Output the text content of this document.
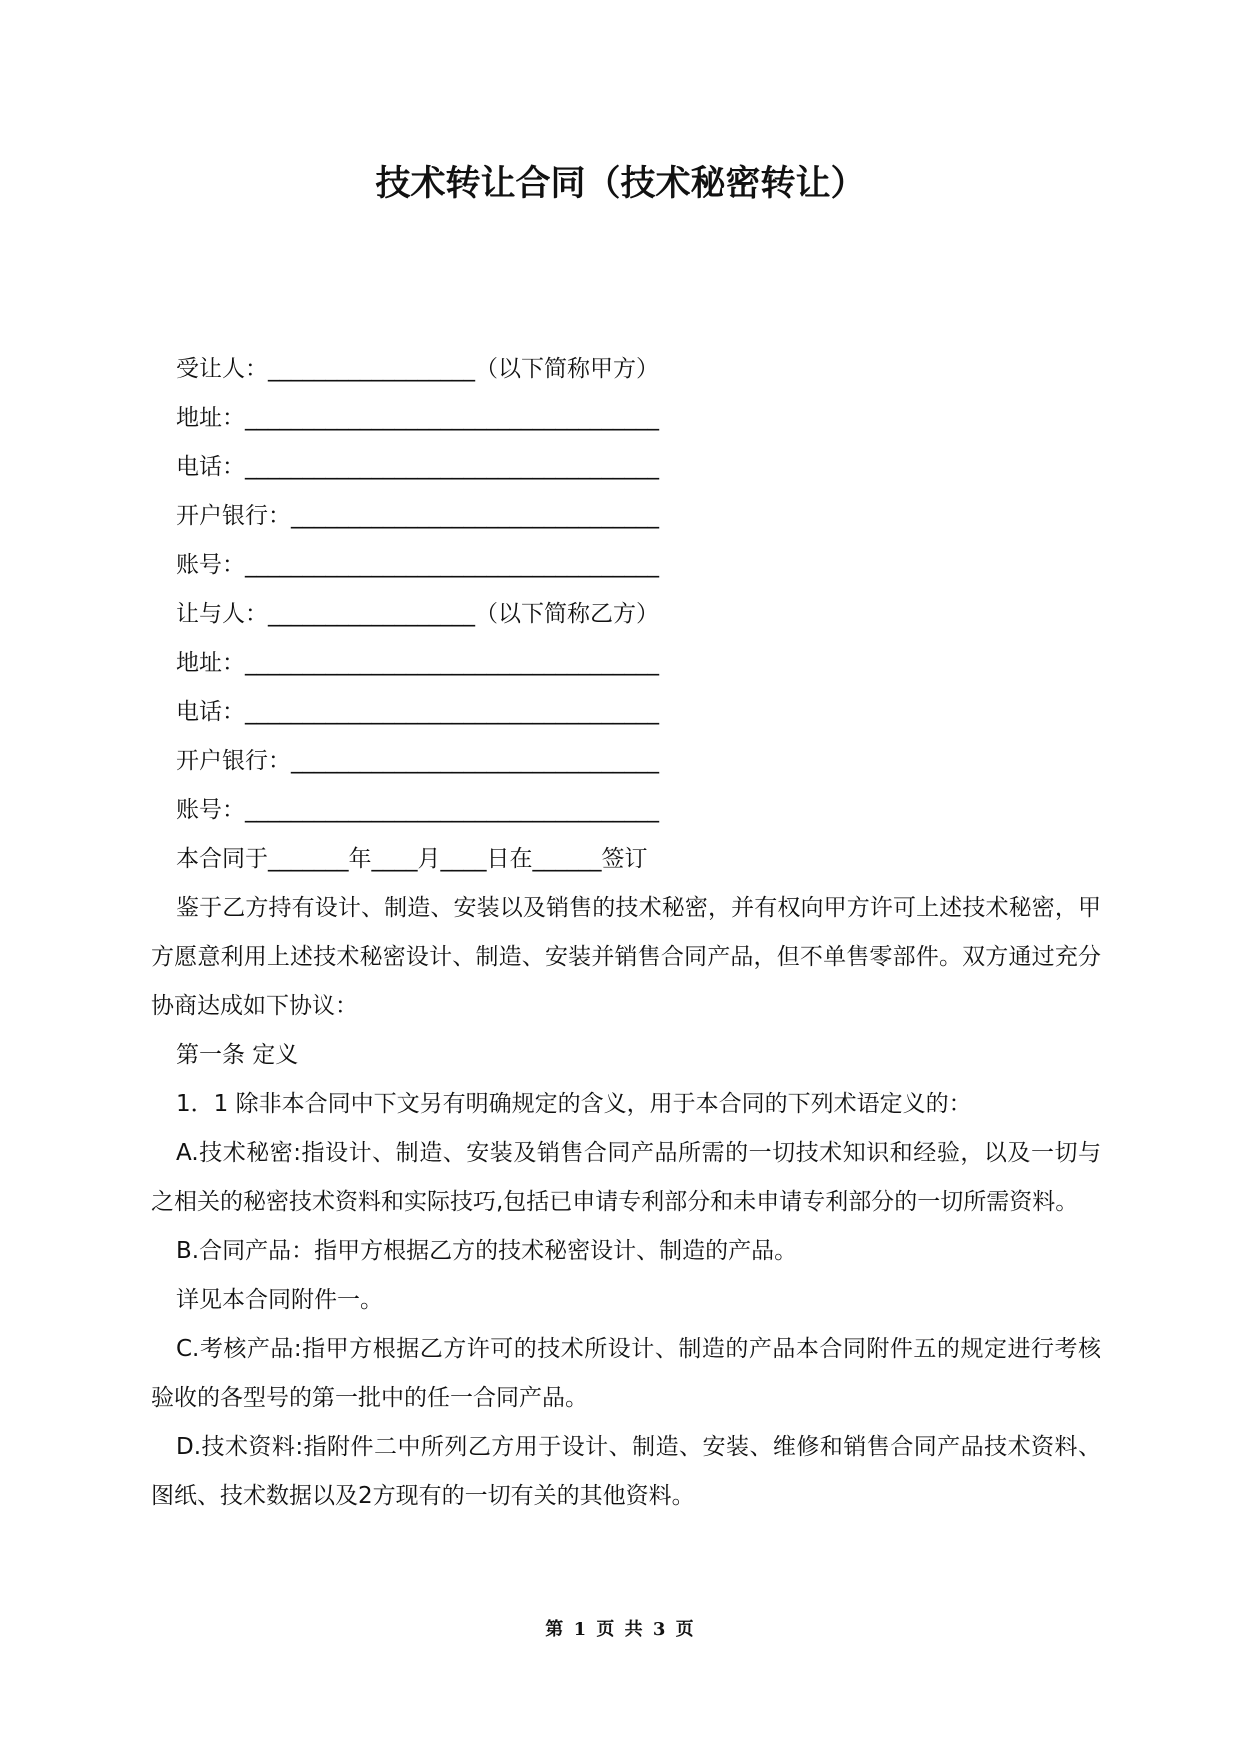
技术转让合同（技术秘密转让）
受让人：__________________（以下简称甲方）
地址：____________________________________
电话：____________________________________
开户银行：________________________________
账号：____________________________________
让与人：__________________（以下简称乙方）
地址：____________________________________
电话：____________________________________
开户银行：________________________________
账号：____________________________________
本合同于_______年____月____日在______签订
鉴于乙方持有设计、制造、安装以及销售的技术秘密，并有权向甲方许可上述技术秘密，甲方愿意利用上述技术秘密设计、制造、安装并销售合同产品，但不单售零部件。双方通过充分协商达成如下协议：
第一条 定义
1．1 除非本合同中下文另有明确规定的含义，用于本合同的下列术语定义的：
A.技术秘密:指设计、制造、安装及销售合同产品所需的一切技术知识和经验，以及一切与之相关的秘密技术资料和实际技巧,包括已申请专利部分和未申请专利部分的一切所需资料。
B.合同产品：指甲方根据乙方的技术秘密设计、制造的产品。
详见本合同附件一。
C.考核产品:指甲方根据乙方许可的技术所设计、制造的产品本合同附件五的规定进行考核验收的各型号的第一批中的任一合同产品。
D.技术资料:指附件二中所列乙方用于设计、制造、安装、维修和销售合同产品技术资料、图纸、技术数据以及2方现有的一切有关的其他资料。
第 1 页 共 3 页
